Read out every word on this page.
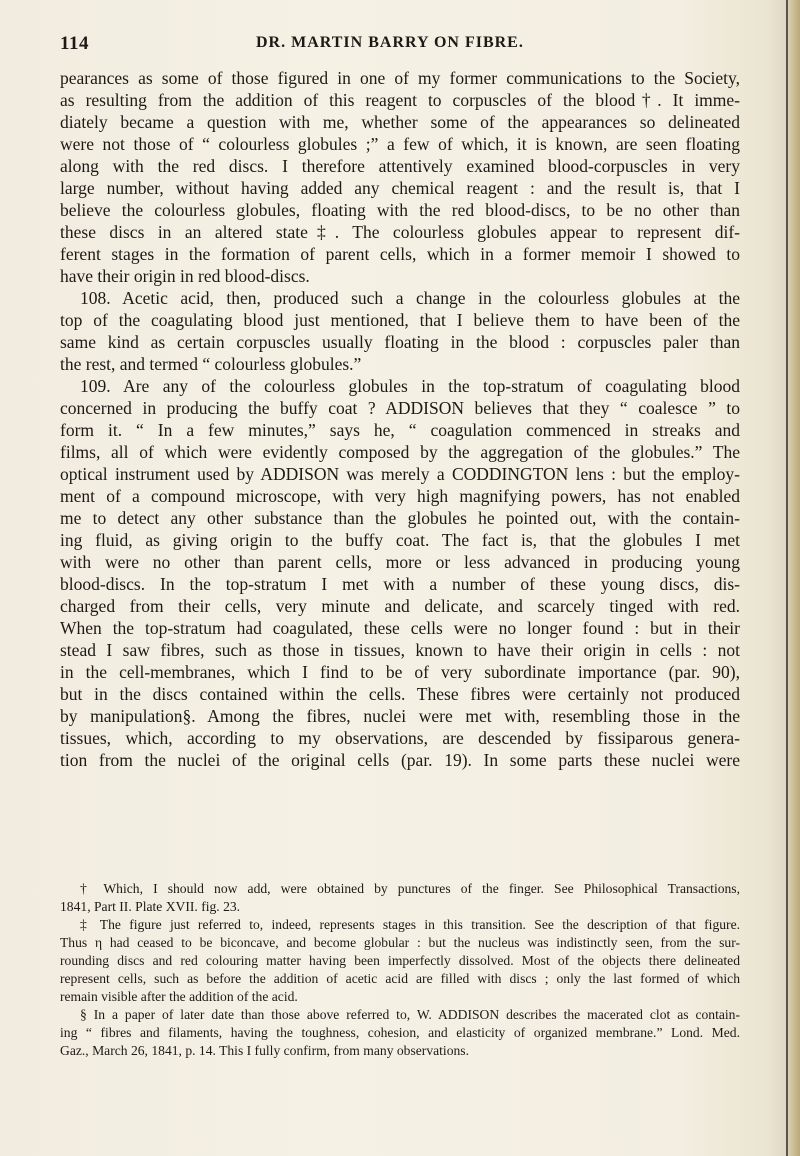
114	DR. MARTIN BARRY ON FIBRE.
pearances as some of those figured in one of my former communications to the Society,
as resulting from the addition of this reagent to corpuscles of the blood†. It imme-
diately became a question with me, whether some of the appearances so delineated
were not those of “ colourless globules ;” a few of which, it is known, are seen floating
along with the red discs. I therefore attentively examined blood-corpuscles in very
large number, without having added any chemical reagent : and the result is, that I
believe the colourless globules, floating with the red blood-discs, to be no other than
these discs in an altered state‡. The colourless globules appear to represent dif-
ferent stages in the formation of parent cells, which in a former memoir I showed to
have their origin in red blood-discs.
108. Acetic acid, then, produced such a change in the colourless globules at the
top of the coagulating blood just mentioned, that I believe them to have been of the
same kind as certain corpuscles usually floating in the blood : corpuscles paler than
the rest, and termed “ colourless globules.”
109. Are any of the colourless globules in the top-stratum of coagulating blood
concerned in producing the buffy coat ? ADDISON believes that they “ coalesce ” to
form it. “ In a few minutes,” says he, “ coagulation commenced in streaks and
films, all of which were evidently composed by the aggregation of the globules.” The
optical instrument used by ADDISON was merely a CODDINGTON lens : but the employ-
ment of a compound microscope, with very high magnifying powers, has not enabled
me to detect any other substance than the globules he pointed out, with the contain-
ing fluid, as giving origin to the buffy coat. The fact is, that the globules I met
with were no other than parent cells, more or less advanced in producing young
blood-discs. In the top-stratum I met with a number of these young discs, dis-
charged from their cells, very minute and delicate, and scarcely tinged with red.
When the top-stratum had coagulated, these cells were no longer found : but in their
stead I saw fibres, such as those in tissues, known to have their origin in cells : not
in the cell-membranes, which I find to be of very subordinate importance (par. 90),
but in the discs contained within the cells. These fibres were certainly not produced
by manipulation§. Among the fibres, nuclei were met with, resembling those in the
tissues, which, according to my observations, are descended by fissiparous genera-
tion from the nuclei of the original cells (par. 19). In some parts these nuclei were
† Which, I should now add, were obtained by punctures of the finger. See Philosophical Transactions,
1841, Part II. Plate XVII. fig. 23.
‡ The figure just referred to, indeed, represents stages in this transition. See the description of that figure.
Thus η had ceased to be biconcave, and become globular : but the nucleus was indistinctly seen, from the sur-
rounding discs and red colouring matter having been imperfectly dissolved. Most of the objects there delineated
represent cells, such as before the addition of acetic acid are filled with discs ; only the last formed of which
remain visible after the addition of the acid.
§ In a paper of later date than those above referred to, W. ADDISON describes the macerated clot as contain-
ing “ fibres and filaments, having the toughness, cohesion, and elasticity of organized membrane.” Lond. Med.
Gaz., March 26, 1841, p. 14. This I fully confirm, from many observations.
